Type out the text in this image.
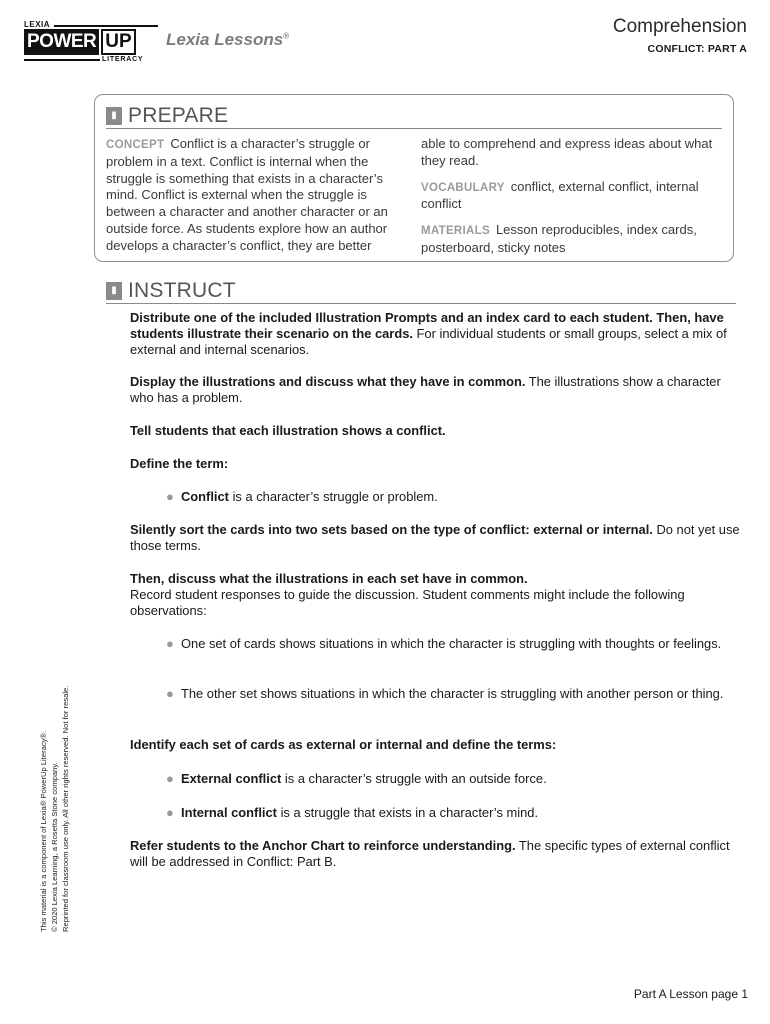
LEXIA
POWER UP
LITERACY
Lexia Lessons®	Comprehension
CONFLICT: PART A
This material is a component of Lexia® PowerUp Literacy®. © 2020 Lexia Learning, a Rosetta Stone company. Reprinted for classroom use only. All other rights reserved. Not for resale.
▮ PREPARE
CONCEPT Conflict is a character’s struggle or problem in a text. Conflict is internal when the struggle is something that exists in a character’s mind. Conflict is external when the struggle is between a character and another character or an outside force. As students explore how an author develops a character’s conflict, they are better
able to comprehend and express ideas about what they read.
VOCABULARY conflict, external conflict, internal conflict
MATERIALS Lesson reproducibles, index cards, posterboard, sticky notes
▮ INSTRUCT
Distribute one of the included Illustration Prompts and an index card to each student. Then, have students illustrate their scenario on the cards. For individual students or small groups, select a mix of external and internal scenarios.
Display the illustrations and discuss what they have in common. The illustrations show a character who has a problem.
Tell students that each illustration shows a conflict.
Define the term:
● Conflict is a character’s struggle or problem.
Silently sort the cards into two sets based on the type of conflict: external or internal. Do not yet use those terms.
Then, discuss what the illustrations in each set have in common.
Record student responses to guide the discussion. Student comments might include the following observations:
● One set of cards shows situations in which the character is struggling with thoughts or feelings.
● The other set shows situations in which the character is struggling with another person or thing.
Identify each set of cards as external or internal and define the terms:
● External conflict is a character’s struggle with an outside force.
● Internal conflict is a struggle that exists in a character’s mind.
Refer students to the Anchor Chart to reinforce understanding. The specific types of external conflict will be addressed in Conflict: Part B.
Part A Lesson page 1
